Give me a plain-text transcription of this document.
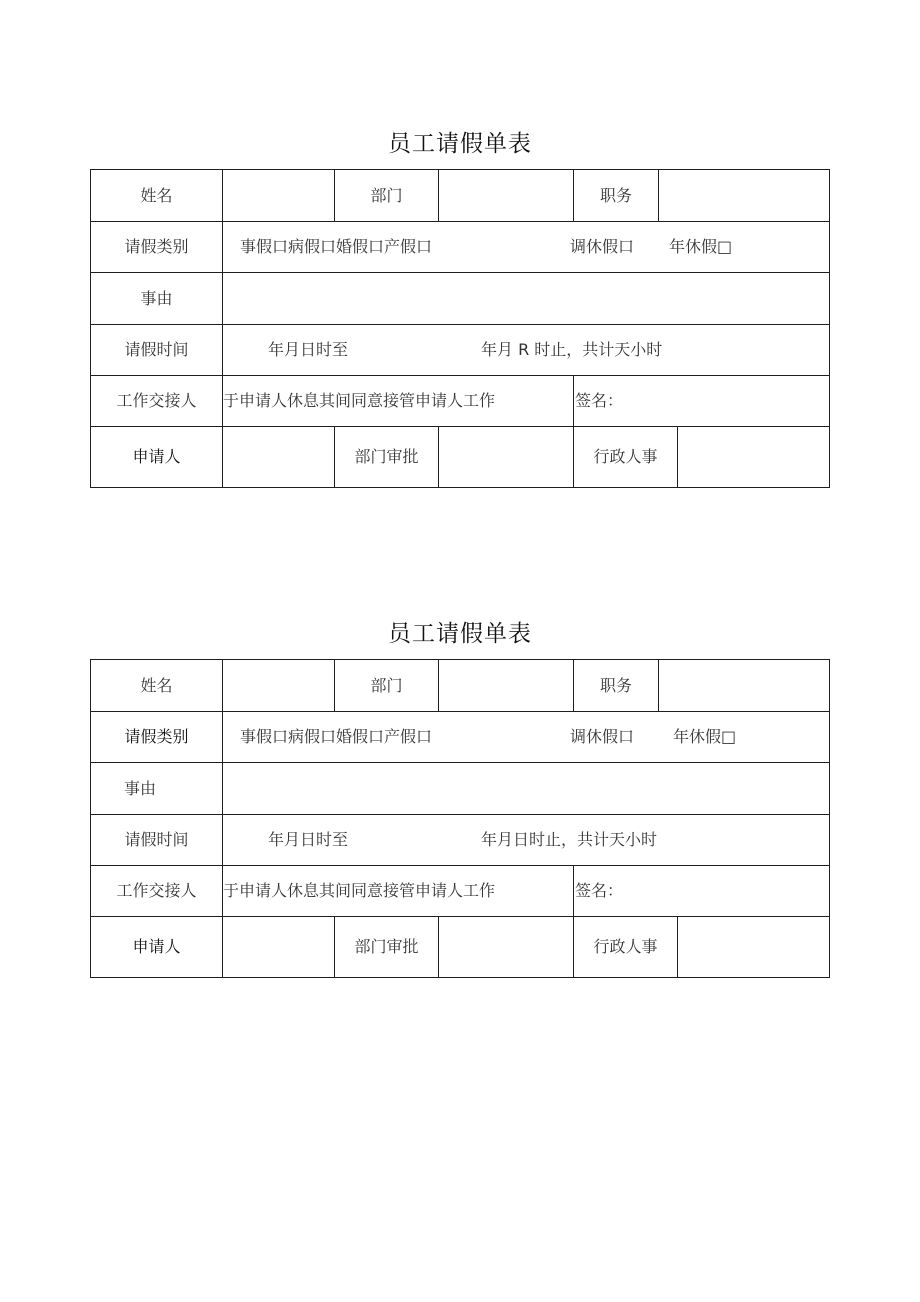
员工请假单表
姓名	部门	职务
请假类别	事假口病假口婚假口产假口	调休假口 年休假□
事由
请假时间	年月日时至	年月 R 时止，共计天小时
工作交接人	于申请人休息其间同意接管申请人工作	签名：
申请人	部门审批	行政人事
员工请假单表
姓名	部门	职务
请假类别	事假口病假口婚假口产假口	调休假口 年休假□
事由
请假时间	年月日时至	年月日时止，共计天小时
工作交接人	于申请人休息其间同意接管申请人工作	签名：
申请人	部门审批	行政人事
